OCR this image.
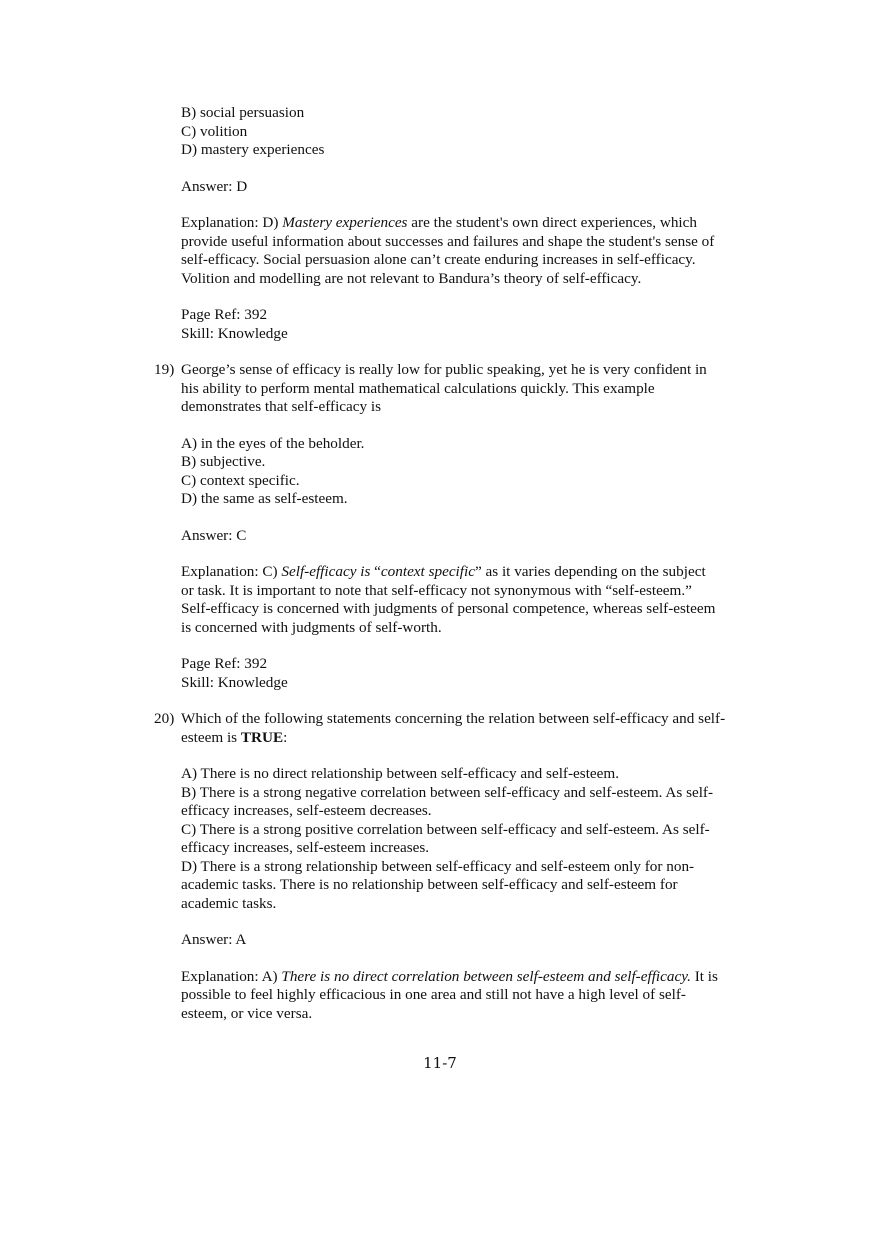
B) social persuasion
C) volition
D) mastery experiences
Answer: D
Explanation: D) Mastery experiences are the student's own direct experiences, which
provide useful information about successes and failures and shape the student's sense of
self-efficacy. Social persuasion alone can’t create enduring increases in self-efficacy.
Volition and modelling are not relevant to Bandura’s theory of self-efficacy.
Page Ref: 392
Skill: Knowledge
19) George’s sense of efficacy is really low for public speaking, yet he is very confident in
his ability to perform mental mathematical calculations quickly. This example
demonstrates that self-efficacy is
A) in the eyes of the beholder.
B) subjective.
C) context specific.
D) the same as self-esteem.
Answer: C
Explanation: C) Self-efficacy is “context specific” as it varies depending on the subject
or task. It is important to note that self-efficacy not synonymous with “self-esteem.”
Self-efficacy is concerned with judgments of personal competence, whereas self-esteem
is concerned with judgments of self-worth.
Page Ref: 392
Skill: Knowledge
20) Which of the following statements concerning the relation between self-efficacy and self-
esteem is TRUE:
A) There is no direct relationship between self-efficacy and self-esteem.
B) There is a strong negative correlation between self-efficacy and self-esteem. As self-
efficacy increases, self-esteem decreases.
C) There is a strong positive correlation between self-efficacy and self-esteem. As self-
efficacy increases, self-esteem increases.
D) There is a strong relationship between self-efficacy and self-esteem only for non-
academic tasks. There is no relationship between self-efficacy and self-esteem for
academic tasks.
Answer: A
Explanation: A) There is no direct correlation between self-esteem and self-efficacy. It is
possible to feel highly efficacious in one area and still not have a high level of self-
esteem, or vice versa.
11-7
